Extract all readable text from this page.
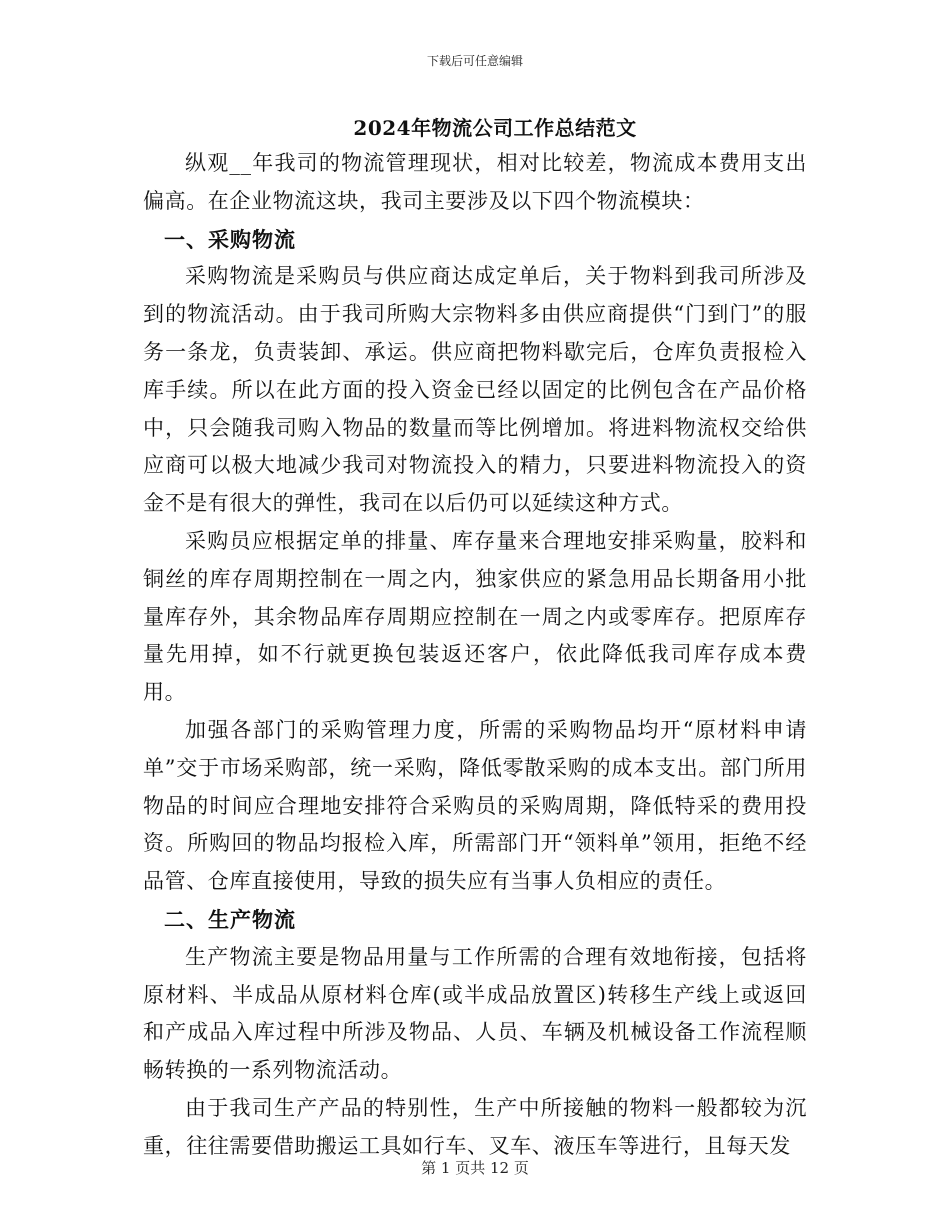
下载后可任意编辑
2024年物流公司工作总结范文

纵观__年我司的物流管理现状，相对比较差，物流成本费用支出偏高。在企业物流这块，我司主要涉及以下四个物流模块：

一、采购物流

采购物流是采购员与供应商达成定单后，关于物料到我司所涉及到的物流活动。由于我司所购大宗物料多由供应商提供“门到门”的服务一条龙，负责装卸、承运。供应商把物料歇完后，仓库负责报检入库手续。所以在此方面的投入资金已经以固定的比例包含在产品价格中，只会随我司购入物品的数量而等比例增加。将进料物流权交给供应商可以极大地减少我司对物流投入的精力，只要进料物流投入的资金不是有很大的弹性，我司在以后仍可以延续这种方式。

采购员应根据定单的排量、库存量来合理地安排采购量，胶料和铜丝的库存周期控制在一周之内，独家供应的紧急用品长期备用小批量库存外，其余物品库存周期应控制在一周之内或零库存。把原库存量先用掉，如不行就更换包装返还客户，依此降低我司库存成本费用。

加强各部门的采购管理力度，所需的采购物品均开“原材料申请单”交于市场采购部，统一采购，降低零散采购的成本支出。部门所用物品的时间应合理地安排符合采购员的采购周期，降低特采的费用投资。所购回的物品均报检入库，所需部门开“领料单”领用，拒绝不经品管、仓库直接使用，导致的损失应有当事人负相应的责任。

二、生产物流

生产物流主要是物品用量与工作所需的合理有效地衔接，包括将原材料、半成品从原材料仓库(或半成品放置区)转移生产线上或返回和产成品入库过程中所涉及物品、人员、车辆及机械设备工作流程顺畅转换的一系列物流活动。

由于我司生产产品的特别性，生产中所接触的物料一般都较为沉重，往往需要借助搬运工具如行车、叉车、液压车等进行，且每天发

第 1 页共 12 页
